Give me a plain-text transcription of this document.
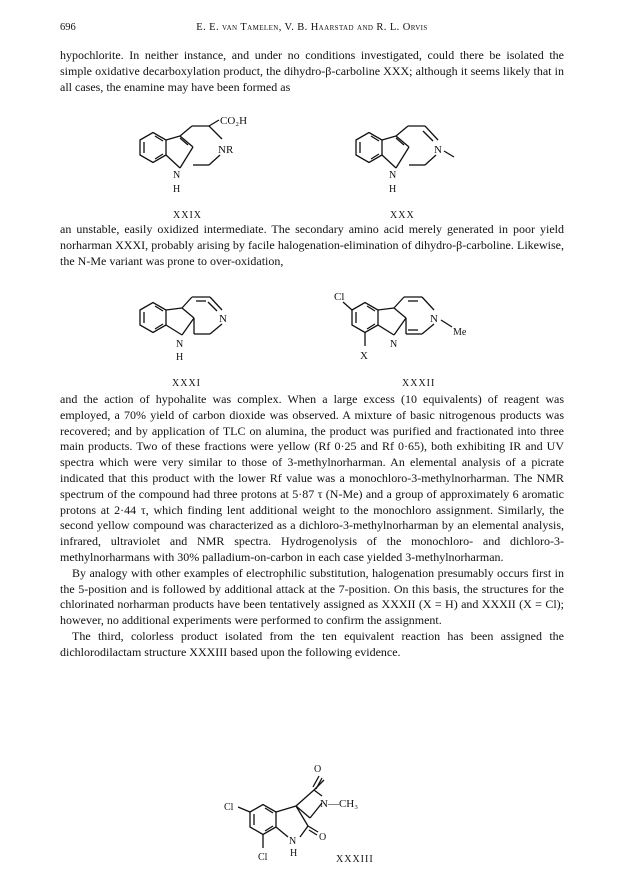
696	E. E. van Tamelen, V. B. Haarstad and R. L. Orvis

hypochlorite. In neither instance, and under no conditions investigated, could there be isolated the simple oxidative decarboxylation product, the dihydro-β-carboline XXX; although it seems likely that in all cases, the enamine may have been formed as

CO₂H
NR
N
H
XXIX
N
N
H
XXX

an unstable, easily oxidized intermediate. The secondary amino acid merely generated in poor yield norharman XXXI, probably arising by facile halogenation-elimination of dihydro-β-carboline. Likewise, the N-Me variant was prone to over-oxidation,

N
N
H
XXXI
Cl
X
N
Me
N
XXXII

and the action of hypohalite was complex. When a large excess (10 equivalents) of reagent was employed, a 70% yield of carbon dioxide was observed. A mixture of basic nitrogenous products was recovered; and by application of TLC on alumina, the product was purified and fractionated into three main products. Two of these fractions were yellow (Rf 0·25 and Rf 0·65), both exhibiting IR and UV spectra which were very similar to those of 3-methylnorharman. An elemental analysis of a picrate indicated that this product with the lower Rf value was a monochloro-3-methylnorharman. The NMR spectrum of the compound had three protons at 5·87 τ (N-Me) and a group of approximately 6 aromatic protons at 2·44 τ, which finding lent additional weight to the monochloro assignment. Similarly, the second yellow compound was characterized as a dichloro-3-methylnorharman by an elemental analysis, infrared, ultraviolet and NMR spectra. Hydrogenolysis of the monochloro- and dichloro-3-methylnorharmans with 30% palladium-on-carbon in each case yielded 3-methylnorharman.

By analogy with other examples of electrophilic substitution, halogenation presumably occurs first in the 5-position and is followed by additional attack at the 7-position. On this basis, the structures for the chlorinated norharman products have been tentatively assigned as XXXII (X = H) and XXXII (X = Cl); however, no additional experiments were performed to confirm the assignment.

The third, colorless product isolated from the ten equivalent reaction has been assigned the dichlorodilactam structure XXXIII based upon the following evidence.

O
N—CH₃
O
Cl
Cl
N
H
XXXIII
